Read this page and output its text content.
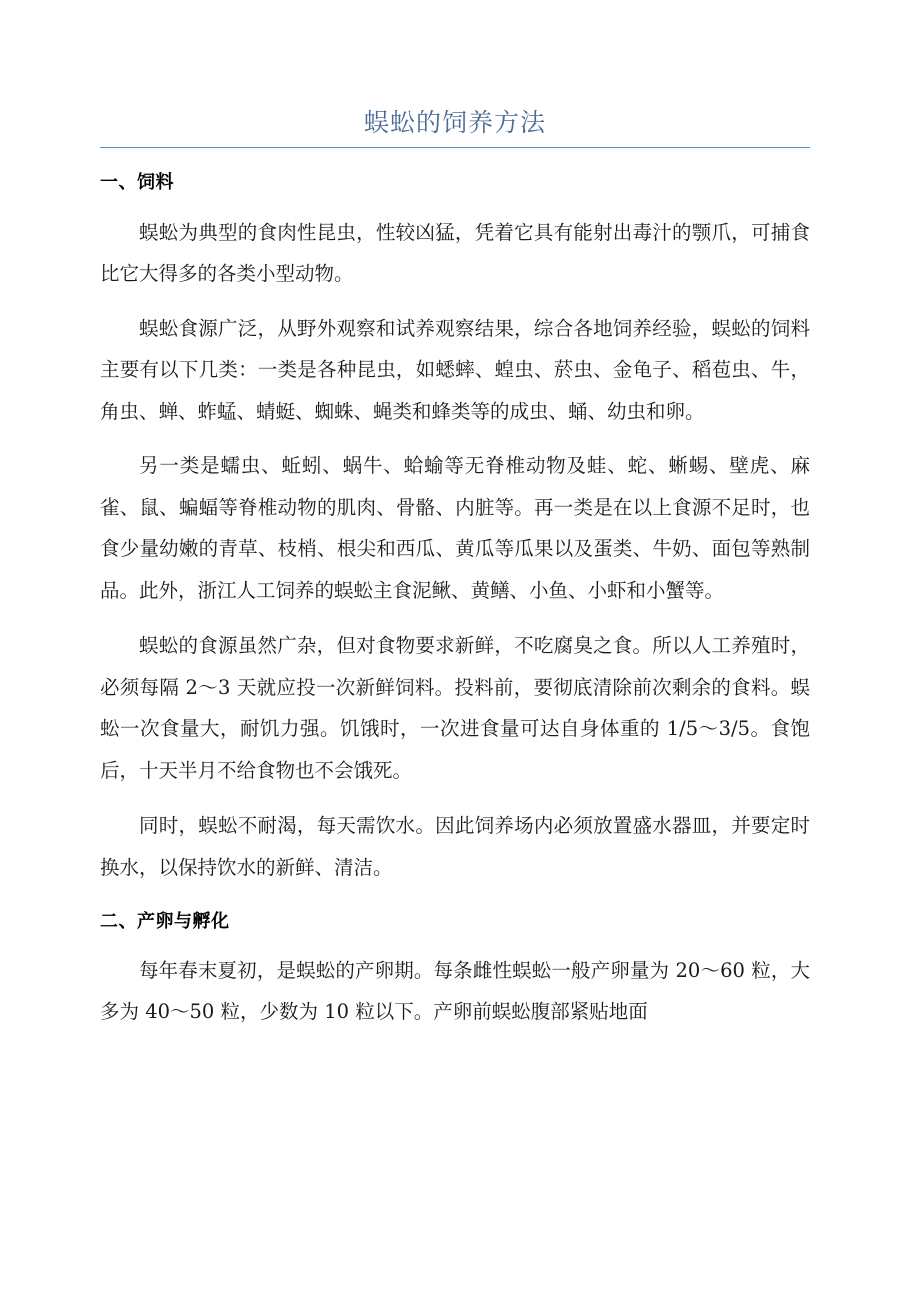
蜈蚣的饲养方法
一、饲料

蜈蚣为典型的食肉性昆虫，性较凶猛，凭着它具有能射出毒汁的颚爪，可捕食比它大得多的各类小型动物。

蜈蚣食源广泛，从野外观察和试养观察结果，综合各地饲养经验，蜈蚣的饲料主要有以下几类：一类是各种昆虫，如蟋蟀、蝗虫、菸虫、金龟子、稻苞虫、牛，角虫、蝉、蚱蜢、蜻蜓、蜘蛛、蝇类和蜂类等的成虫、蛹、幼虫和卵。

另一类是蠕虫、蚯蚓、蜗牛、蛤蝓等无脊椎动物及蛙、蛇、蜥蜴、壁虎、麻雀、鼠、蝙蝠等脊椎动物的肌肉、骨骼、内脏等。再一类是在以上食源不足时，也食少量幼嫩的青草、枝梢、根尖和西瓜、黄瓜等瓜果以及蛋类、牛奶、面包等熟制品。此外，浙江人工饲养的蜈蚣主食泥鳅、黄鳝、小鱼、小虾和小蟹等。

蜈蚣的食源虽然广杂，但对食物要求新鲜，不吃腐臭之食。所以人工养殖时，必须每隔 2～3 天就应投一次新鲜饲料。投料前，要彻底清除前次剩余的食料。蜈蚣一次食量大，耐饥力强。饥饿时，一次进食量可达自身体重的 1/5～3/5。食饱后，十天半月不给食物也不会饿死。

同时，蜈蚣不耐渴，每天需饮水。因此饲养场内必须放置盛水器皿，并要定时换水，以保持饮水的新鲜、清洁。

二、产卵与孵化

每年春末夏初，是蜈蚣的产卵期。每条雌性蜈蚣一般产卵量为 20～60 粒，大多为 40～50 粒，少数为 10 粒以下。产卵前蜈蚣腹部紧贴地面
